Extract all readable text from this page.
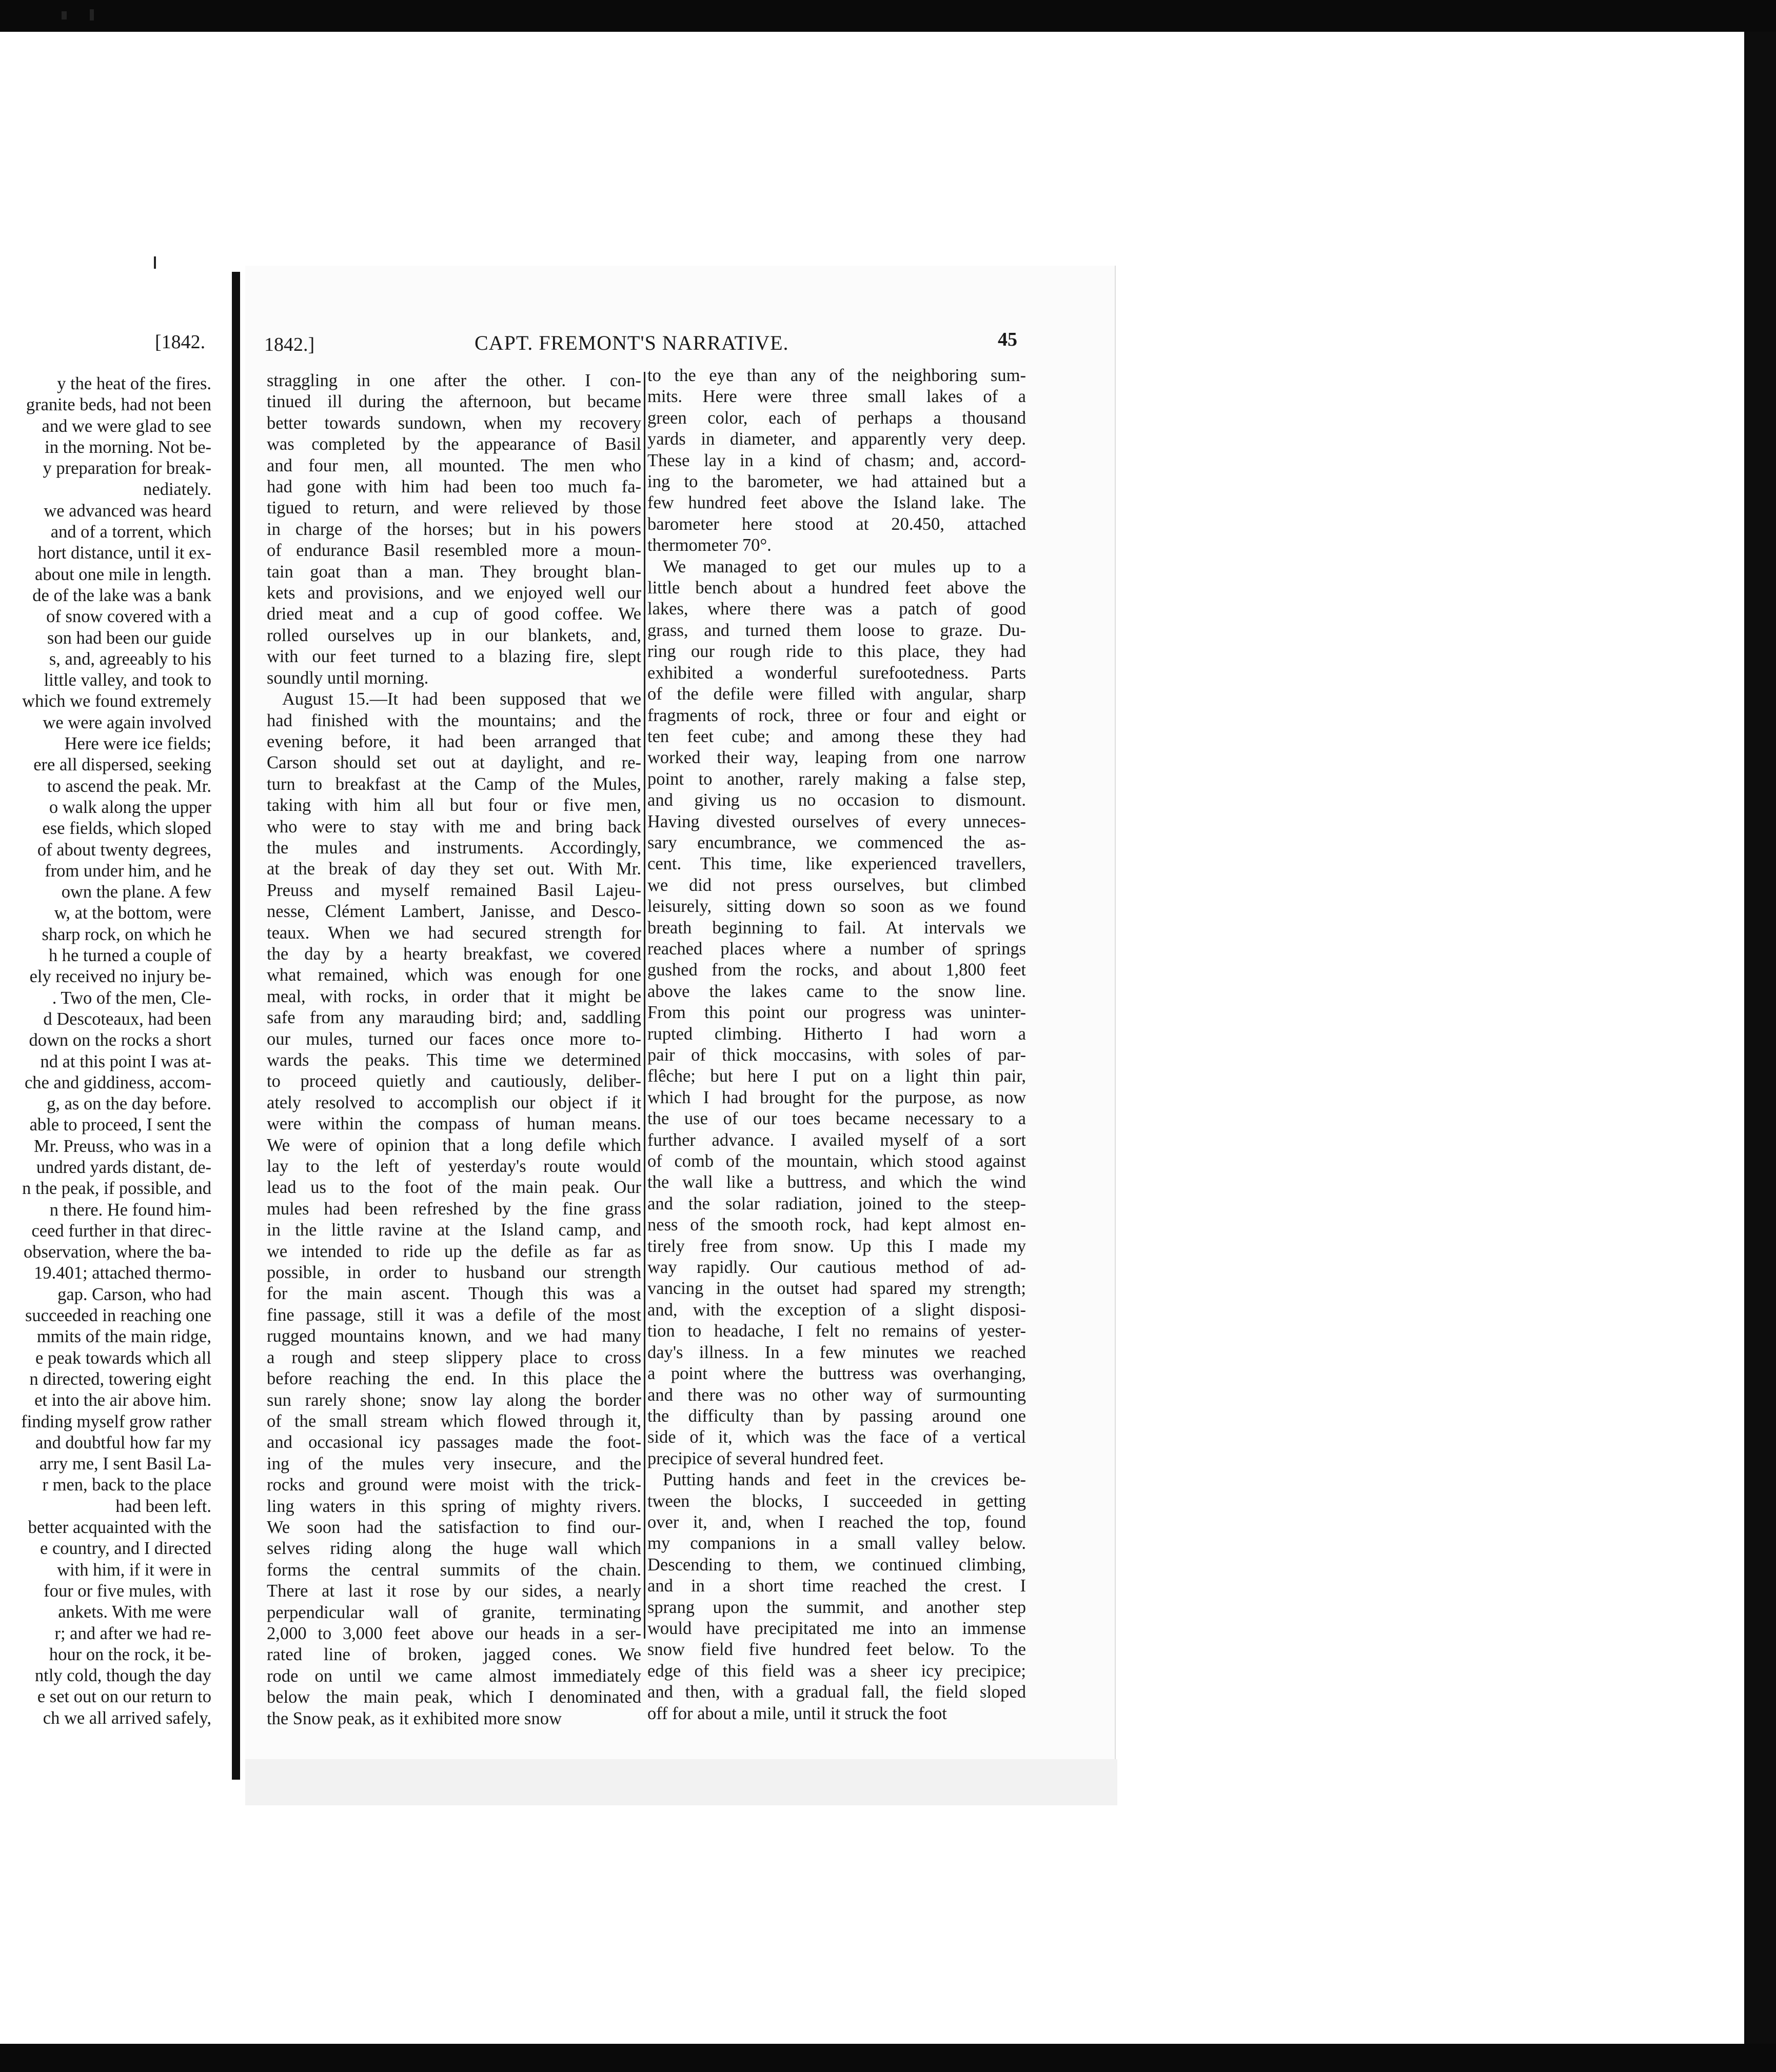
[1842.
y the heat of the fires.
granite beds, had not been
and we were glad to see
in the morning. Not be-
y preparation for break-
nediately.
we advanced was heard
and of a torrent, which
hort distance, until it ex-
about one mile in length.
de of the lake was a bank
of snow covered with a
son had been our guide
s, and, agreeably to his
little valley, and took to
which we found extremely
we were again involved
Here were ice fields;
ere all dispersed, seeking
to ascend the peak. Mr.
o walk along the upper
ese fields, which sloped
of about twenty degrees,
from under him, and he
own the plane. A few
w, at the bottom, were
sharp rock, on which he
h he turned a couple of
ely received no injury be-
. Two of the men, Cle-
d Descoteaux, had been
down on the rocks a short
nd at this point I was at-
che and giddiness, accom-
g, as on the day before.
able to proceed, I sent the
Mr. Preuss, who was in a
undred yards distant, de-
n the peak, if possible, and
n there. He found him-
ceed further in that direc-
observation, where the ba-
19.401; attached thermo-
gap. Carson, who had
succeeded in reaching one
mmits of the main ridge,
e peak towards which all
n directed, towering eight
et into the air above him.
finding myself grow rather
and doubtful how far my
arry me, I sent Basil La-
r men, back to the place
had been left.
better acquainted with the
e country, and I directed
with him, if it were in
four or five mules, with
ankets. With me were
r; and after we had re-
hour on the rock, it be-
ntly cold, though the day
e set out on our return to
ch we all arrived safely,
1842.]	CAPT. FREMONT'S NARRATIVE.	45
straggling in one after the other. I con-
tinued ill during the afternoon, but became
better towards sundown, when my recovery
was completed by the appearance of Basil
and four men, all mounted. The men who
had gone with him had been too much fa-
tigued to return, and were relieved by those
in charge of the horses; but in his powers
of endurance Basil resembled more a moun-
tain goat than a man. They brought blan-
kets and provisions, and we enjoyed well our
dried meat and a cup of good coffee. We
rolled ourselves up in our blankets, and,
with our feet turned to a blazing fire, slept
soundly until morning.
August 15.—It had been supposed that we
had finished with the mountains; and the
evening before, it had been arranged that
Carson should set out at daylight, and re-
turn to breakfast at the Camp of the Mules,
taking with him all but four or five men,
who were to stay with me and bring back
the mules and instruments. Accordingly,
at the break of day they set out. With Mr.
Preuss and myself remained Basil Lajeu-
nesse, Clément Lambert, Janisse, and Desco-
teaux. When we had secured strength for
the day by a hearty breakfast, we covered
what remained, which was enough for one
meal, with rocks, in order that it might be
safe from any marauding bird; and, saddling
our mules, turned our faces once more to-
wards the peaks. This time we determined
to proceed quietly and cautiously, deliber-
ately resolved to accomplish our object if it
were within the compass of human means.
We were of opinion that a long defile which
lay to the left of yesterday's route would
lead us to the foot of the main peak. Our
mules had been refreshed by the fine grass
in the little ravine at the Island camp, and
we intended to ride up the defile as far as
possible, in order to husband our strength
for the main ascent. Though this was a
fine passage, still it was a defile of the most
rugged mountains known, and we had many
a rough and steep slippery place to cross
before reaching the end. In this place the
sun rarely shone; snow lay along the border
of the small stream which flowed through it,
and occasional icy passages made the foot-
ing of the mules very insecure, and the
rocks and ground were moist with the trick-
ling waters in this spring of mighty rivers.
We soon had the satisfaction to find our-
selves riding along the huge wall which
forms the central summits of the chain.
There at last it rose by our sides, a nearly
perpendicular wall of granite, terminating
2,000 to 3,000 feet above our heads in a ser-
rated line of broken, jagged cones. We
rode on until we came almost immediately
below the main peak, which I denominated
the Snow peak, as it exhibited more snow
to the eye than any of the neighboring sum-
mits. Here were three small lakes of a
green color, each of perhaps a thousand
yards in diameter, and apparently very deep.
These lay in a kind of chasm; and, accord-
ing to the barometer, we had attained but a
few hundred feet above the Island lake. The
barometer here stood at 20.450, attached
thermometer 70°.
We managed to get our mules up to a
little bench about a hundred feet above the
lakes, where there was a patch of good
grass, and turned them loose to graze. Du-
ring our rough ride to this place, they had
exhibited a wonderful surefootedness. Parts
of the defile were filled with angular, sharp
fragments of rock, three or four and eight or
ten feet cube; and among these they had
worked their way, leaping from one narrow
point to another, rarely making a false step,
and giving us no occasion to dismount.
Having divested ourselves of every unneces-
sary encumbrance, we commenced the as-
cent. This time, like experienced travellers,
we did not press ourselves, but climbed
leisurely, sitting down so soon as we found
breath beginning to fail. At intervals we
reached places where a number of springs
gushed from the rocks, and about 1,800 feet
above the lakes came to the snow line.
From this point our progress was uninter-
rupted climbing. Hitherto I had worn a
pair of thick moccasins, with soles of par-
flêche; but here I put on a light thin pair,
which I had brought for the purpose, as now
the use of our toes became necessary to a
further advance. I availed myself of a sort
of comb of the mountain, which stood against
the wall like a buttress, and which the wind
and the solar radiation, joined to the steep-
ness of the smooth rock, had kept almost en-
tirely free from snow. Up this I made my
way rapidly. Our cautious method of ad-
vancing in the outset had spared my strength;
and, with the exception of a slight disposi-
tion to headache, I felt no remains of yester-
day's illness. In a few minutes we reached
a point where the buttress was overhanging,
and there was no other way of surmounting
the difficulty than by passing around one
side of it, which was the face of a vertical
precipice of several hundred feet.
Putting hands and feet in the crevices be-
tween the blocks, I succeeded in getting
over it, and, when I reached the top, found
my companions in a small valley below.
Descending to them, we continued climbing,
and in a short time reached the crest. I
sprang upon the summit, and another step
would have precipitated me into an immense
snow field five hundred feet below. To the
edge of this field was a sheer icy precipice;
and then, with a gradual fall, the field sloped
off for about a mile, until it struck the foot
